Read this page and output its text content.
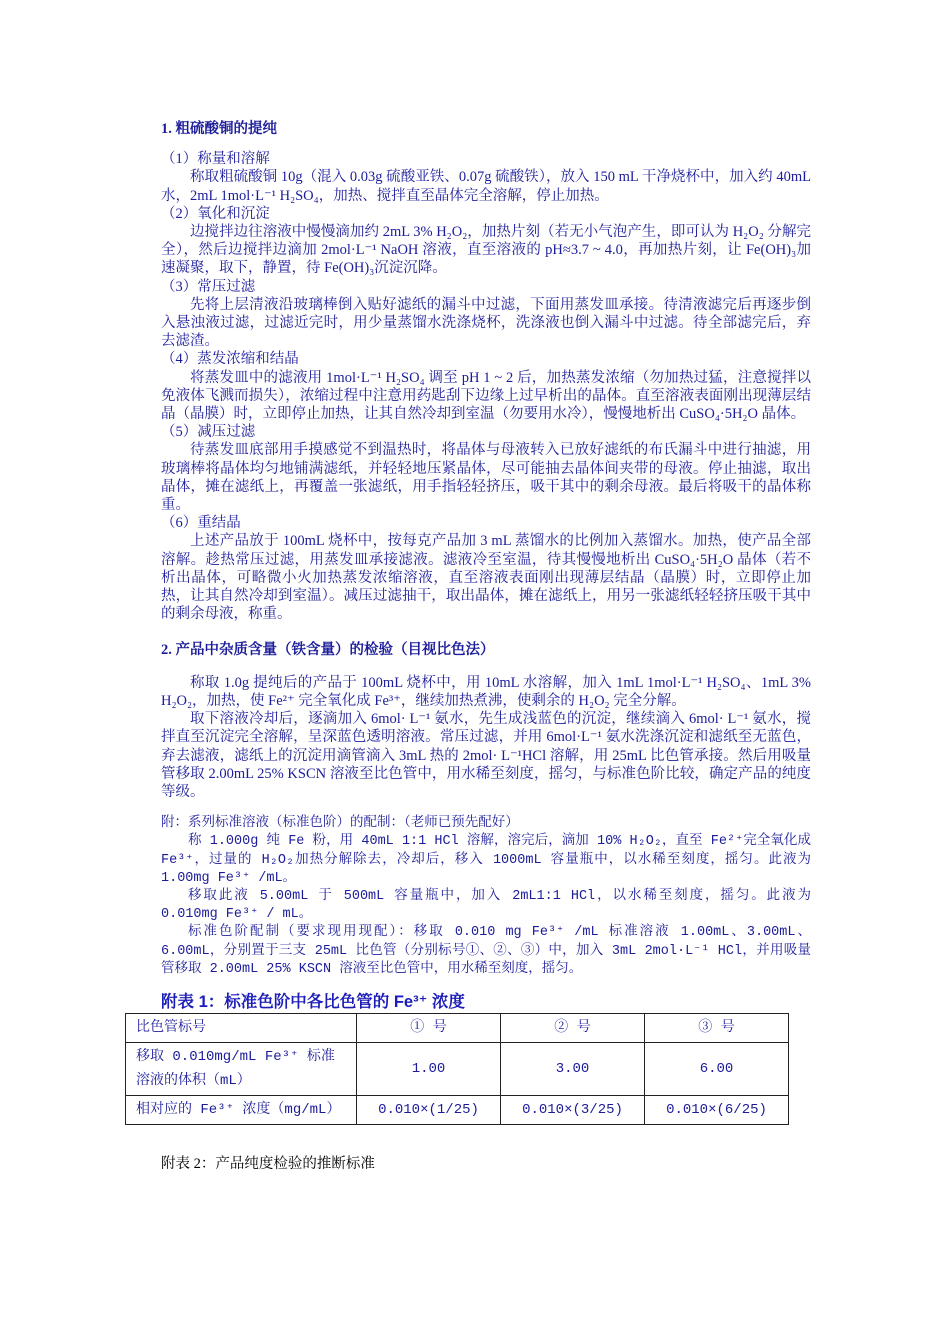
1. 粗硫酸铜的提纯
（1）称量和溶解
称取粗硫酸铜 10g（混入 0.03g 硫酸亚铁、0.07g 硫酸铁），放入 150 mL 干净烧杯中，加入约 40mL 水，2mL 1mol·L⁻¹ H₂SO₄，加热、搅拌直至晶体完全溶解，停止加热。
（2）氧化和沉淀
边搅拌边往溶液中慢慢滴加约 2mL 3% H₂O₂，加热片刻（若无小气泡产生，即可认为 H₂O₂ 分解完全），然后边搅拌边滴加 2mol·L⁻¹ NaOH 溶液，直至溶液的 pH≈3.7 ~ 4.0，再加热片刻，让 Fe(OH)₃加速凝聚，取下，静置，待 Fe(OH)₃沉淀沉降。
（3）常压过滤
先将上层清液沿玻璃棒倒入贴好滤纸的漏斗中过滤，下面用蒸发皿承接。待清液滤完后再逐步倒入悬浊液过滤，过滤近完时，用少量蒸馏水洗涤烧杯，洗涤液也倒入漏斗中过滤。待全部滤完后，弃去滤渣。
（4）蒸发浓缩和结晶
将蒸发皿中的滤液用 1mol·L⁻¹ H₂SO₄ 调至 pH 1 ~ 2 后，加热蒸发浓缩（勿加热过猛，注意搅拌以免液体飞溅而损失），浓缩过程中注意用药匙刮下边缘上过早析出的晶体。直至溶液表面刚出现薄层结晶（晶膜）时，立即停止加热，让其自然冷却到室温（勿要用水冷），慢慢地析出 CuSO₄·5H₂O 晶体。
（5）减压过滤
待蒸发皿底部用手摸感觉不到温热时，将晶体与母液转入已放好滤纸的布氏漏斗中进行抽滤，用玻璃棒将晶体均匀地铺满滤纸，并轻轻地压紧晶体，尽可能抽去晶体间夹带的母液。停止抽滤，取出晶体，摊在滤纸上，再覆盖一张滤纸，用手指轻轻挤压，吸干其中的剩余母液。最后将吸干的晶体称重。
（6）重结晶
上述产品放于 100mL 烧杯中，按每克产品加 3 mL 蒸馏水的比例加入蒸馏水。加热，使产品全部溶解。趁热常压过滤，用蒸发皿承接滤液。滤液冷至室温，待其慢慢地析出 CuSO₄·5H₂O 晶体（若不析出晶体，可略微小火加热蒸发浓缩溶液，直至溶液表面刚出现薄层结晶（晶膜）时，立即停止加热，让其自然冷却到室温）。减压过滤抽干，取出晶体，摊在滤纸上，用另一张滤纸轻轻挤压吸干其中的剩余母液，称重。
2. 产品中杂质含量（铁含量）的检验（目视比色法）
称取 1.0g 提纯后的产品于 100mL 烧杯中，用 10mL 水溶解，加入 1mL 1mol·L⁻¹ H₂SO₄、1mL 3% H₂O₂，加热，使 Fe²⁺ 完全氧化成 Fe³⁺，继续加热煮沸，使剩余的 H₂O₂ 完全分解。
取下溶液冷却后，逐滴加入 6mol· L⁻¹ 氨水，先生成浅蓝色的沉淀，继续滴入 6mol· L⁻¹ 氨水，搅拌直至沉淀完全溶解，呈深蓝色透明溶液。常压过滤，并用 6mol·L⁻¹ 氨水洗涤沉淀和滤纸至无蓝色，弃去滤液，滤纸上的沉淀用滴管滴入 3mL 热的 2mol· L⁻¹HCl 溶解，用 25mL 比色管承接。然后用吸量管移取 2.00mL 25% KSCN 溶液至比色管中，用水稀至刻度，摇匀，与标准色阶比较，确定产品的纯度等级。
附：系列标准溶液（标准色阶）的配制：（老师已预先配好）
称 1.000g 纯 Fe 粉，用 40mL 1:1 HCl 溶解，溶完后，滴加 10% H₂O₂，直至 Fe²⁺完全氧化成 Fe³⁺，过量的 H₂O₂加热分解除去，冷却后，移入 1000mL 容量瓶中，以水稀至刻度，摇匀。此液为 1.00mg Fe³⁺ /mL。
移取此液 5.00mL 于 500mL 容量瓶中，加入 2mL1:1 HCl，以水稀至刻度，摇匀。此液为 0.010mg Fe³⁺ / mL。
标准色阶配制（要求现用现配）：移取 0.010 mg Fe³⁺ /mL 标准溶液 1.00mL、3.00mL、6.00mL，分别置于三支 25mL 比色管（分别标号①、②、③）中，加入 3mL 2mol·L⁻¹ HCl，并用吸量管移取 2.00mL 25% KSCN 溶液至比色管中，用水稀至刻度，摇匀。
附表 1：标准色阶中各比色管的 Fe³⁺ 浓度
比色管标号	① 号	② 号	③ 号
移取 0.010mg/mL Fe³⁺ 标准溶液的体积（mL）	1.00	3.00	6.00
相对应的 Fe³⁺ 浓度（mg/mL）	0.010×(1/25)	0.010×(3/25)	0.010×(6/25)
附表 2：产品纯度检验的推断标准
